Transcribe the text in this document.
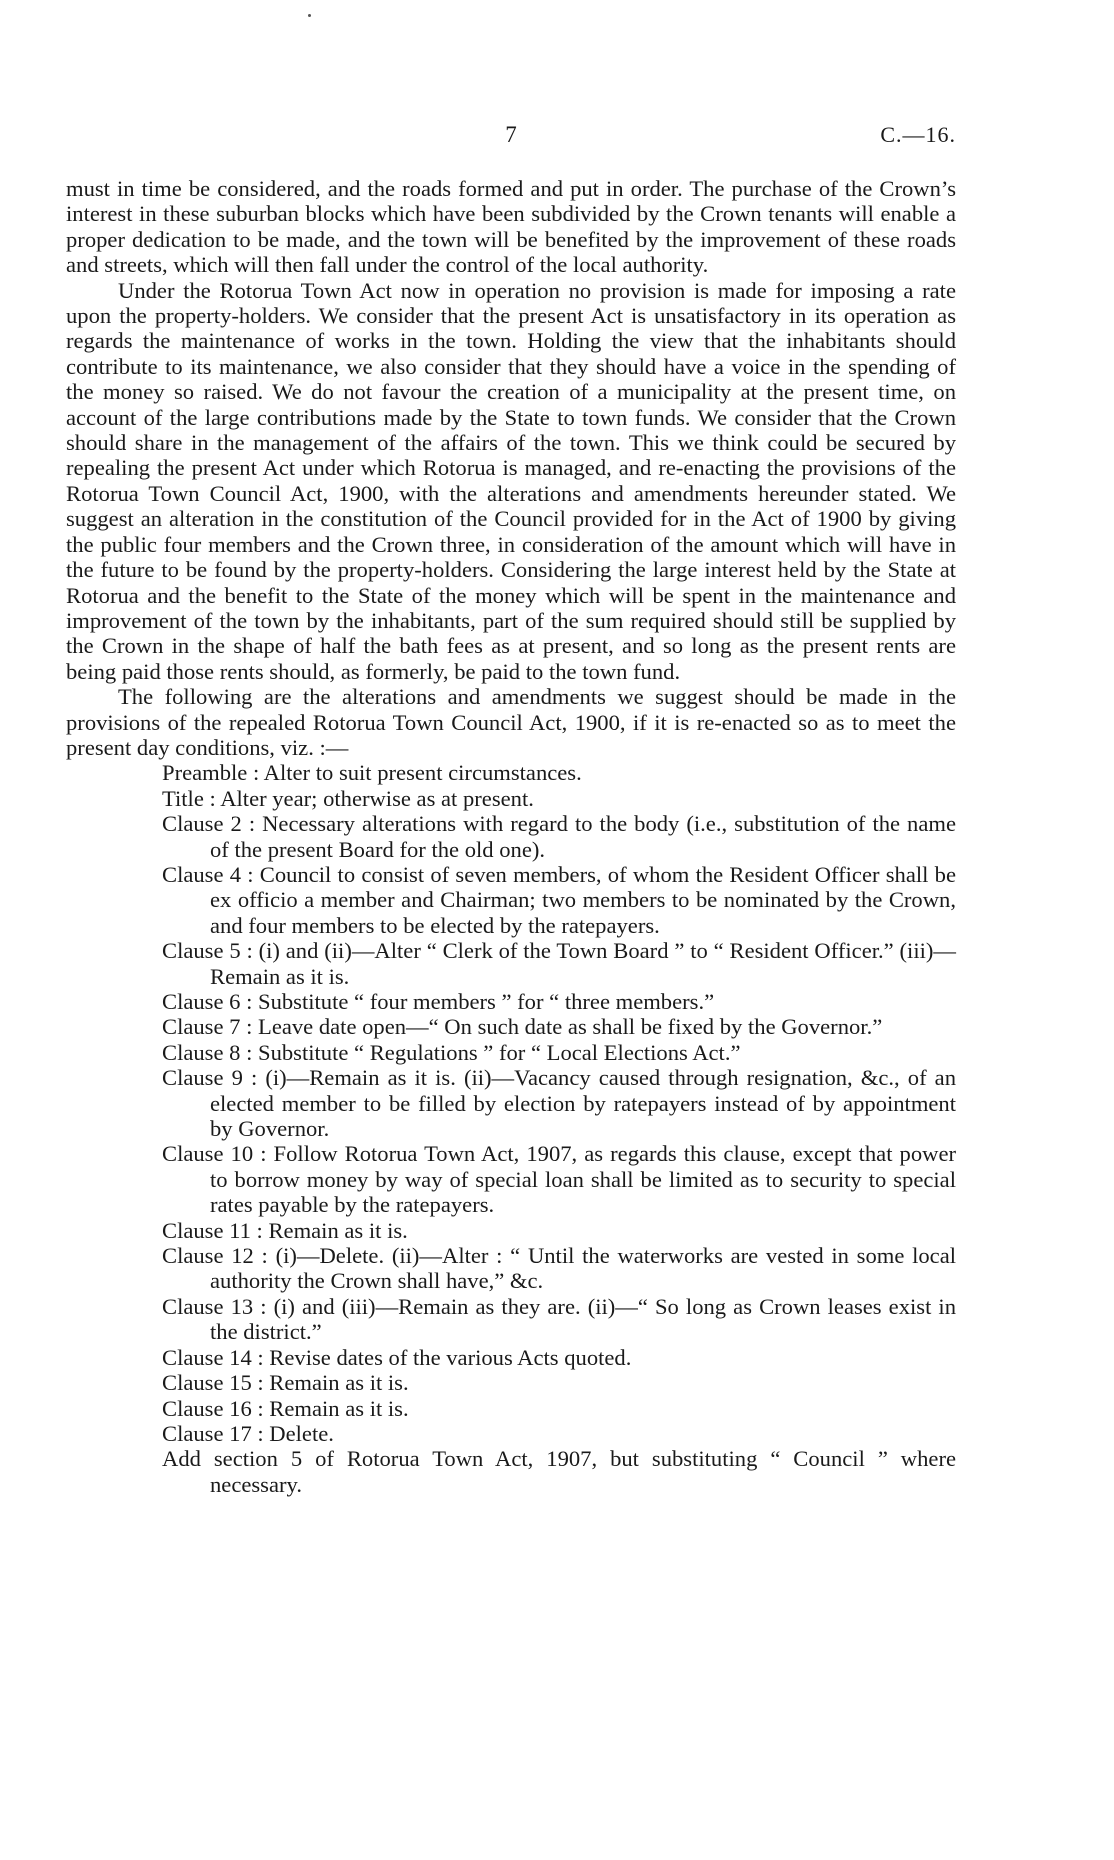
7	C.—16.

must in time be considered, and the roads formed and put in order. The purchase of the Crown’s interest in these suburban blocks which have been subdivided by the Crown tenants will enable a proper dedication to be made, and the town will be benefited by the improvement of these roads and streets, which will then fall under the control of the local authority.

Under the Rotorua Town Act now in operation no provision is made for imposing a rate upon the property-holders. We consider that the present Act is unsatisfactory in its operation as regards the maintenance of works in the town. Holding the view that the inhabitants should contribute to its maintenance, we also consider that they should have a voice in the spending of the money so raised. We do not favour the creation of a municipality at the present time, on account of the large contributions made by the State to town funds. We consider that the Crown should share in the management of the affairs of the town. This we think could be secured by repealing the present Act under which Rotorua is managed, and re-enacting the provisions of the Rotorua Town Council Act, 1900, with the alterations and amendments hereunder stated. We suggest an alteration in the constitution of the Council provided for in the Act of 1900 by giving the public four members and the Crown three, in consideration of the amount which will have in the future to be found by the property-holders. Considering the large interest held by the State at Rotorua and the benefit to the State of the money which will be spent in the maintenance and improvement of the town by the inhabitants, part of the sum required should still be supplied by the Crown in the shape of half the bath fees as at present, and so long as the present rents are being paid those rents should, as formerly, be paid to the town fund.

The following are the alterations and amendments we suggest should be made in the provisions of the repealed Rotorua Town Council Act, 1900, if it is re-enacted so as to meet the present day conditions, viz. :—

Preamble : Alter to suit present circumstances.
Title : Alter year; otherwise as at present.
Clause 2 : Necessary alterations with regard to the body (i.e., substitution of the name of the present Board for the old one).
Clause 4 : Council to consist of seven members, of whom the Resident Officer shall be ex officio a member and Chairman; two members to be nominated by the Crown, and four members to be elected by the ratepayers.
Clause 5 : (i) and (ii)—Alter “ Clerk of the Town Board ” to “ Resident Officer.” (iii)—Remain as it is.
Clause 6 : Substitute “ four members ” for “ three members.”
Clause 7 : Leave date open—“ On such date as shall be fixed by the Governor.”
Clause 8 : Substitute “ Regulations ” for “ Local Elections Act.”
Clause 9 : (i)—Remain as it is. (ii)—Vacancy caused through resignation, &c., of an elected member to be filled by election by ratepayers instead of by appointment by Governor.
Clause 10 : Follow Rotorua Town Act, 1907, as regards this clause, except that power to borrow money by way of special loan shall be limited as to security to special rates payable by the ratepayers.
Clause 11 : Remain as it is.
Clause 12 : (i)—Delete. (ii)—Alter : “ Until the waterworks are vested in some local authority the Crown shall have,” &c.
Clause 13 : (i) and (iii)—Remain as they are. (ii)—“ So long as Crown leases exist in the district.”
Clause 14 : Revise dates of the various Acts quoted.
Clause 15 : Remain as it is.
Clause 16 : Remain as it is.
Clause 17 : Delete.
Add section 5 of Rotorua Town Act, 1907, but substituting “ Council ” where necessary.
